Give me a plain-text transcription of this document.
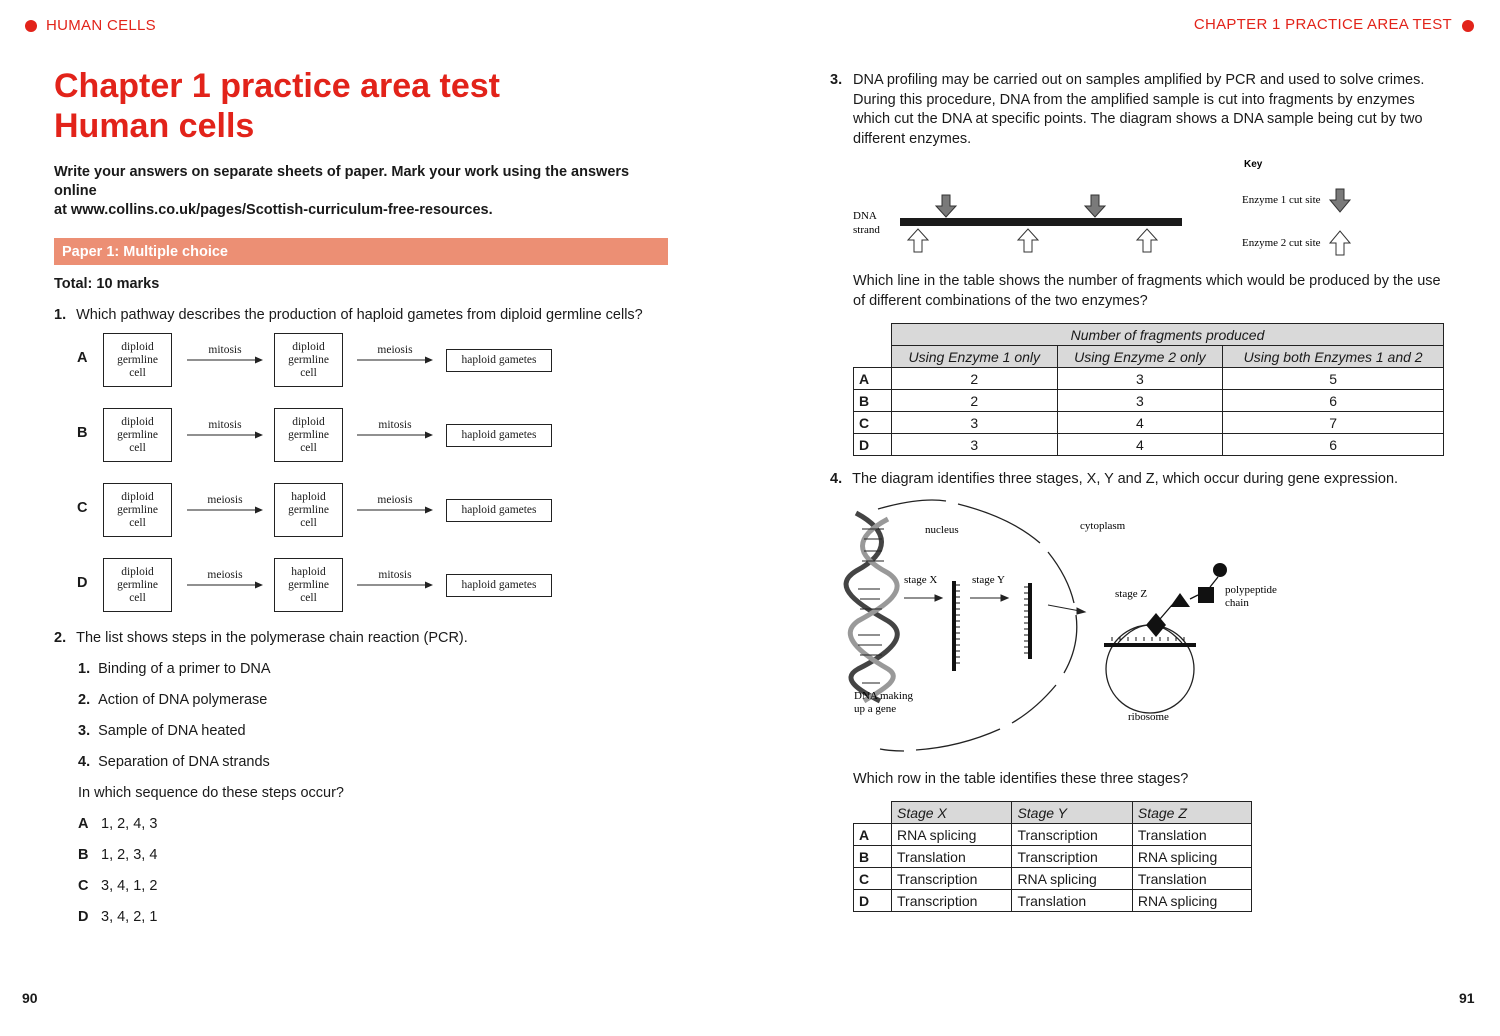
HUMAN CELLS	CHAPTER 1 PRACTICE AREA TEST
Chapter 1 practice area test
Human cells
Write your answers on separate sheets of paper. Mark your work using the answers online
at www.collins.co.uk/pages/Scottish-curriculum-free-resources.
Paper 1: Multiple choice
Total: 10 marks
1. Which pathway describes the production of haploid gametes from diploid germline cells?
A
diploid
germline
cell
diploid
germline
cell
mitosis	meiosis
haploid gametes
B
diploid
germline
cell
diploid
germline
cell
mitosis	mitosis
haploid gametes
C
diploid
germline
cell
haploid
germline
cell
meiosis	meiosis
haploid gametes
D
diploid
germline
cell
haploid
germline
cell
meiosis	mitosis
haploid gametes
2. The list shows steps in the polymerase chain reaction (PCR).
1. Binding of a primer to DNA
2. Action of DNA polymerase
3. Sample of DNA heated
4. Separation of DNA strands
In which sequence do these steps occur?
A 1, 2, 4, 3
B 1, 2, 3, 4
C 3, 4, 1, 2
D 3, 4, 2, 1
3. DNA profiling may be carried out on samples amplified by PCR and used to solve crimes.
During this procedure, DNA from the amplified sample is cut into fragments by enzymes
which cut the DNA at specific points. The diagram shows a DNA sample being cut by two
different enzymes.
Key
DNA
strand
Enzyme 1 cut site
Enzyme 2 cut site
Which line in the table shows the number of fragments which would be produced by the use
of different combinations of the two enzymes?
	Number of fragments produced		
	Using Enzyme 1 only	Using Enzyme 2 only	Using both Enzymes 1 and 2
A	2	3	5
B	2	3	6
C	3	4	7
D	3	4	6
4. The diagram identifies three stages, X, Y and Z, which occur during gene expression.
nucleus	cytoplasm
stage X	stage Y
stage Z	polypeptide
chain
DNA making
up a gene
ribosome
Which row in the table identifies these three stages?
	Stage X	Stage Y	Stage Z
A	RNA splicing	Transcription	Translation
B	Translation	Transcription	RNA splicing
C	Transcription	RNA splicing	Translation
D	Transcription	Translation	RNA splicing
90	91
